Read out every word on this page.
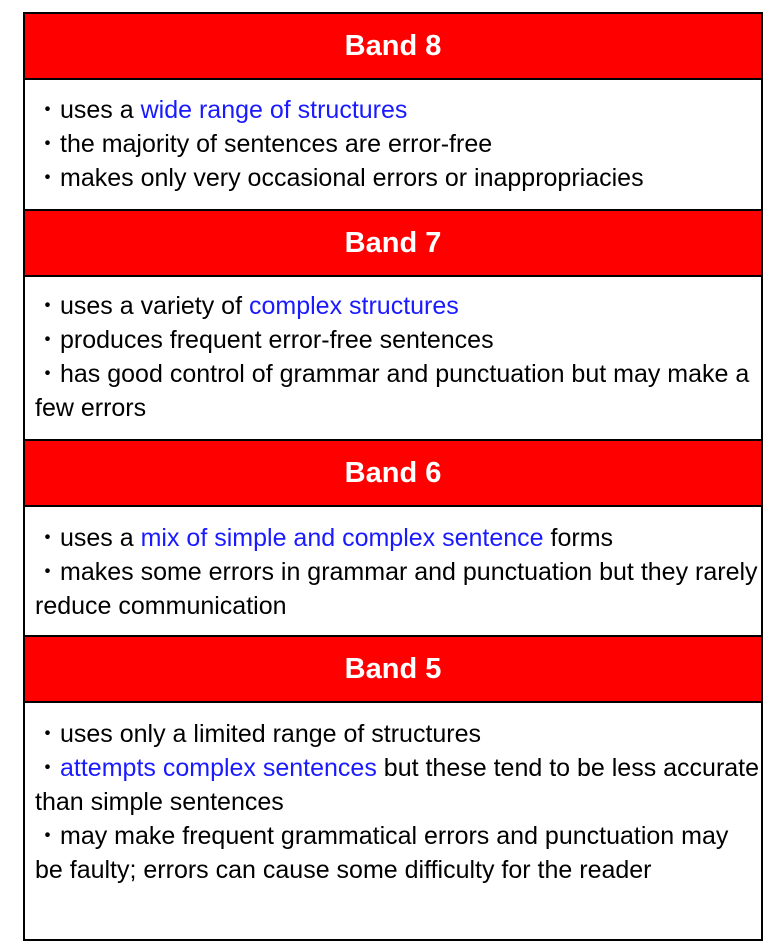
Band 8

・uses a wide range of structures

・the majority of sentences are error-free

・makes only very occasional errors or inappropriacies

Band 7

・uses a variety of complex structures

・produces frequent error-free sentences

・has good control of grammar and punctuation but may make a few errors

Band 6

・uses a mix of simple and complex sentence forms

・makes some errors in grammar and punctuation but they rarely reduce communication

Band 5

・uses only a limited range of structures

・attempts complex sentences but these tend to be less accurate than simple sentences

・may make frequent grammatical errors and punctuation may be faulty; errors can cause some difficulty for the reader
